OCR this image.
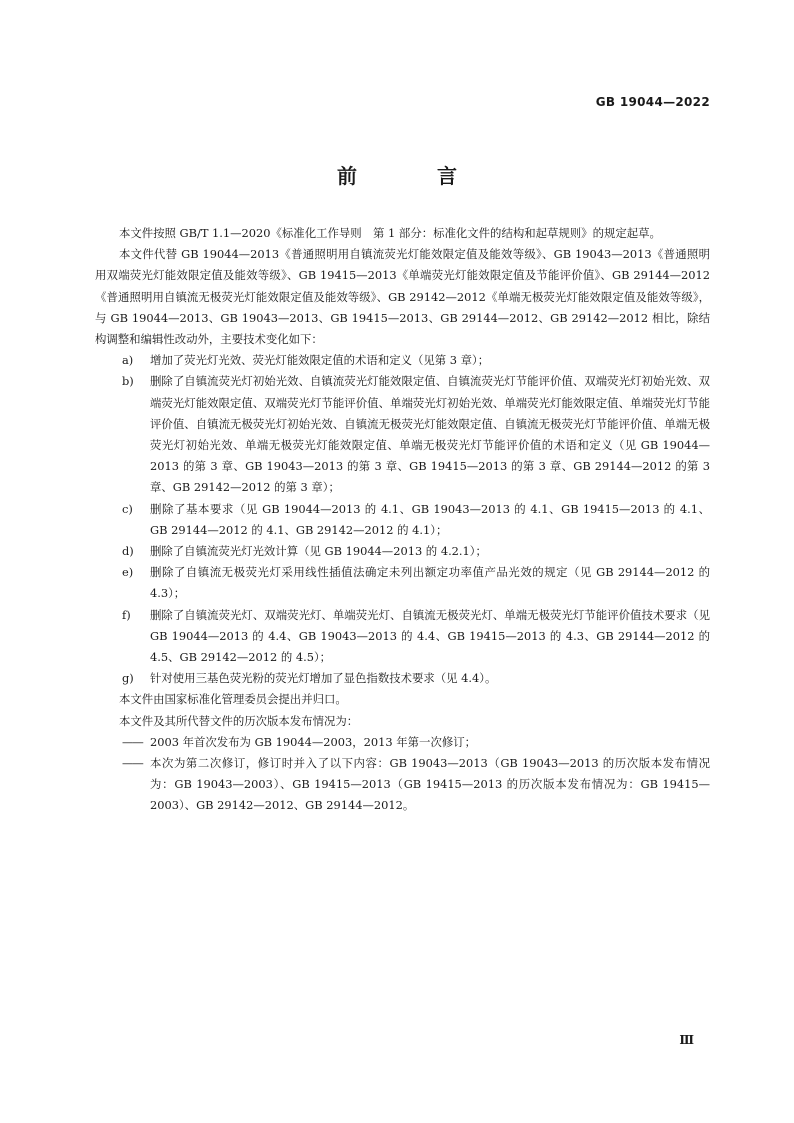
GB 19044—2022
前　言

本文件按照 GB/T 1.1—2020《标准化工作导则　第 1 部分：标准化文件的结构和起草规则》的规定起草。

本文件代替 GB 19044—2013《普通照明用自镇流荧光灯能效限定值及能效等级》、GB 19043—2013《普通照明用双端荧光灯能效限定值及能效等级》、GB 19415—2013《单端荧光灯能效限定值及节能评价值》、GB 29144—2012《普通照明用自镇流无极荧光灯能效限定值及能效等级》、GB 29142—2012《单端无极荧光灯能效限定值及能效等级》，与 GB 19044—2013、GB 19043—2013、GB 19415—2013、GB 29144—2012、GB 29142—2012 相比，除结构调整和编辑性改动外，主要技术变化如下：

a) 增加了荧光灯光效、荧光灯能效限定值的术语和定义（见第 3 章）；

b) 删除了自镇流荧光灯初始光效、自镇流荧光灯能效限定值、自镇流荧光灯节能评价值、双端荧光灯初始光效、双端荧光灯能效限定值、双端荧光灯节能评价值、单端荧光灯初始光效、单端荧光灯能效限定值、单端荧光灯节能评价值、自镇流无极荧光灯初始光效、自镇流无极荧光灯能效限定值、自镇流无极荧光灯节能评价值、单端无极荧光灯初始光效、单端无极荧光灯能效限定值、单端无极荧光灯节能评价值的术语和定义（见 GB 19044—2013 的第 3 章、GB 19043—2013 的第 3 章、GB 19415—2013 的第 3 章、GB 29144—2012 的第 3 章、GB 29142—2012 的第 3 章）；

c) 删除了基本要求（见 GB 19044—2013 的 4.1、GB 19043—2013 的 4.1、GB 19415—2013 的 4.1、GB 29144—2012 的 4.1、GB 29142—2012 的 4.1）；

d) 删除了自镇流荧光灯光效计算（见 GB 19044—2013 的 4.2.1）；

e) 删除了自镇流无极荧光灯采用线性插值法确定未列出额定功率值产品光效的规定（见 GB 29144—2012 的 4.3）；

f) 删除了自镇流荧光灯、双端荧光灯、单端荧光灯、自镇流无极荧光灯、单端无极荧光灯节能评价值技术要求（见 GB 19044—2013 的 4.4、GB 19043—2013 的 4.4、GB 19415—2013 的 4.3、GB 29144—2012 的 4.5、GB 29142—2012 的 4.5）；

g) 针对使用三基色荧光粉的荧光灯增加了显色指数技术要求（见 4.4）。

本文件由国家标准化管理委员会提出并归口。

本文件及其所代替文件的历次版本发布情况为：

—— 2003 年首次发布为 GB 19044—2003，2013 年第一次修订；

—— 本次为第二次修订，修订时并入了以下内容：GB 19043—2013（GB 19043—2013 的历次版本发布情况为：GB 19043—2003）、GB 19415—2013（GB 19415—2013 的历次版本发布情况为：GB 19415—2003）、GB 29142—2012、GB 29144—2012。

Ⅲ
